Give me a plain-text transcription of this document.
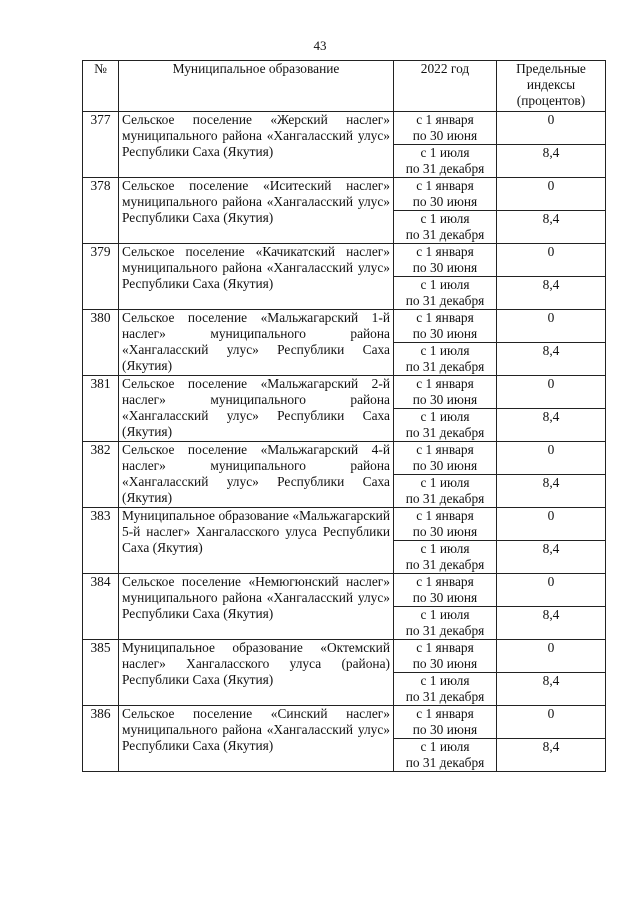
43
№	Муниципальное образование	2022 год	Предельные индексы (процентов)
377	Сельское поселение «Жерский наслег» муниципального района «Хангаласский улус» Республики Саха (Якутия)	с 1 января
по 30 июня	0

		с 1 июля
по 31 декабря	8,4
378	Сельское поселение «Иситеский наслег» муниципального района «Хангаласский улус» Республики Саха (Якутия)	с 1 января
по 30 июня	0

		с 1 июля
по 31 декабря	8,4
379	Сельское поселение «Качикатский наслег» муниципального района «Хангаласский улус» Республики Саха (Якутия)	с 1 января
по 30 июня	0

		с 1 июля
по 31 декабря	8,4
380	Сельское поселение «Мальжагарский 1-й наслег» муниципального района «Хангаласский улус» Республики Саха (Якутия)	с 1 января
по 30 июня	0

		с 1 июля
по 31 декабря	8,4
381	Сельское поселение «Мальжагарский 2-й наслег» муниципального района «Хангаласский улус» Республики Саха (Якутия)	с 1 января
по 30 июня	0

		с 1 июля
по 31 декабря	8,4
382	Сельское поселение «Мальжагарский 4-й наслег» муниципального района «Хангаласский улус» Республики Саха (Якутия)	с 1 января
по 30 июня	0

		с 1 июля
по 31 декабря	8,4
383	Муниципальное образование «Мальжагарский 5-й наслег» Хангаласского улуса Республики Саха (Якутия)	с 1 января
по 30 июня	0

		с 1 июля
по 31 декабря	8,4
384	Сельское поселение «Немюгюнский наслег» муниципального района «Хангаласский улус» Республики Саха (Якутия)	с 1 января
по 30 июня	0

		с 1 июля
по 31 декабря	8,4
385	Муниципальное образование «Октемский наслег» Хангаласского улуса (района) Республики Саха (Якутия)	с 1 января
по 30 июня	0

		с 1 июля
по 31 декабря	8,4
386	Сельское поселение «Синский наслег» муниципального района «Хангаласский улус» Республики Саха (Якутия)	с 1 января
по 30 июня	0

		с 1 июля
по 31 декабря	8,4
